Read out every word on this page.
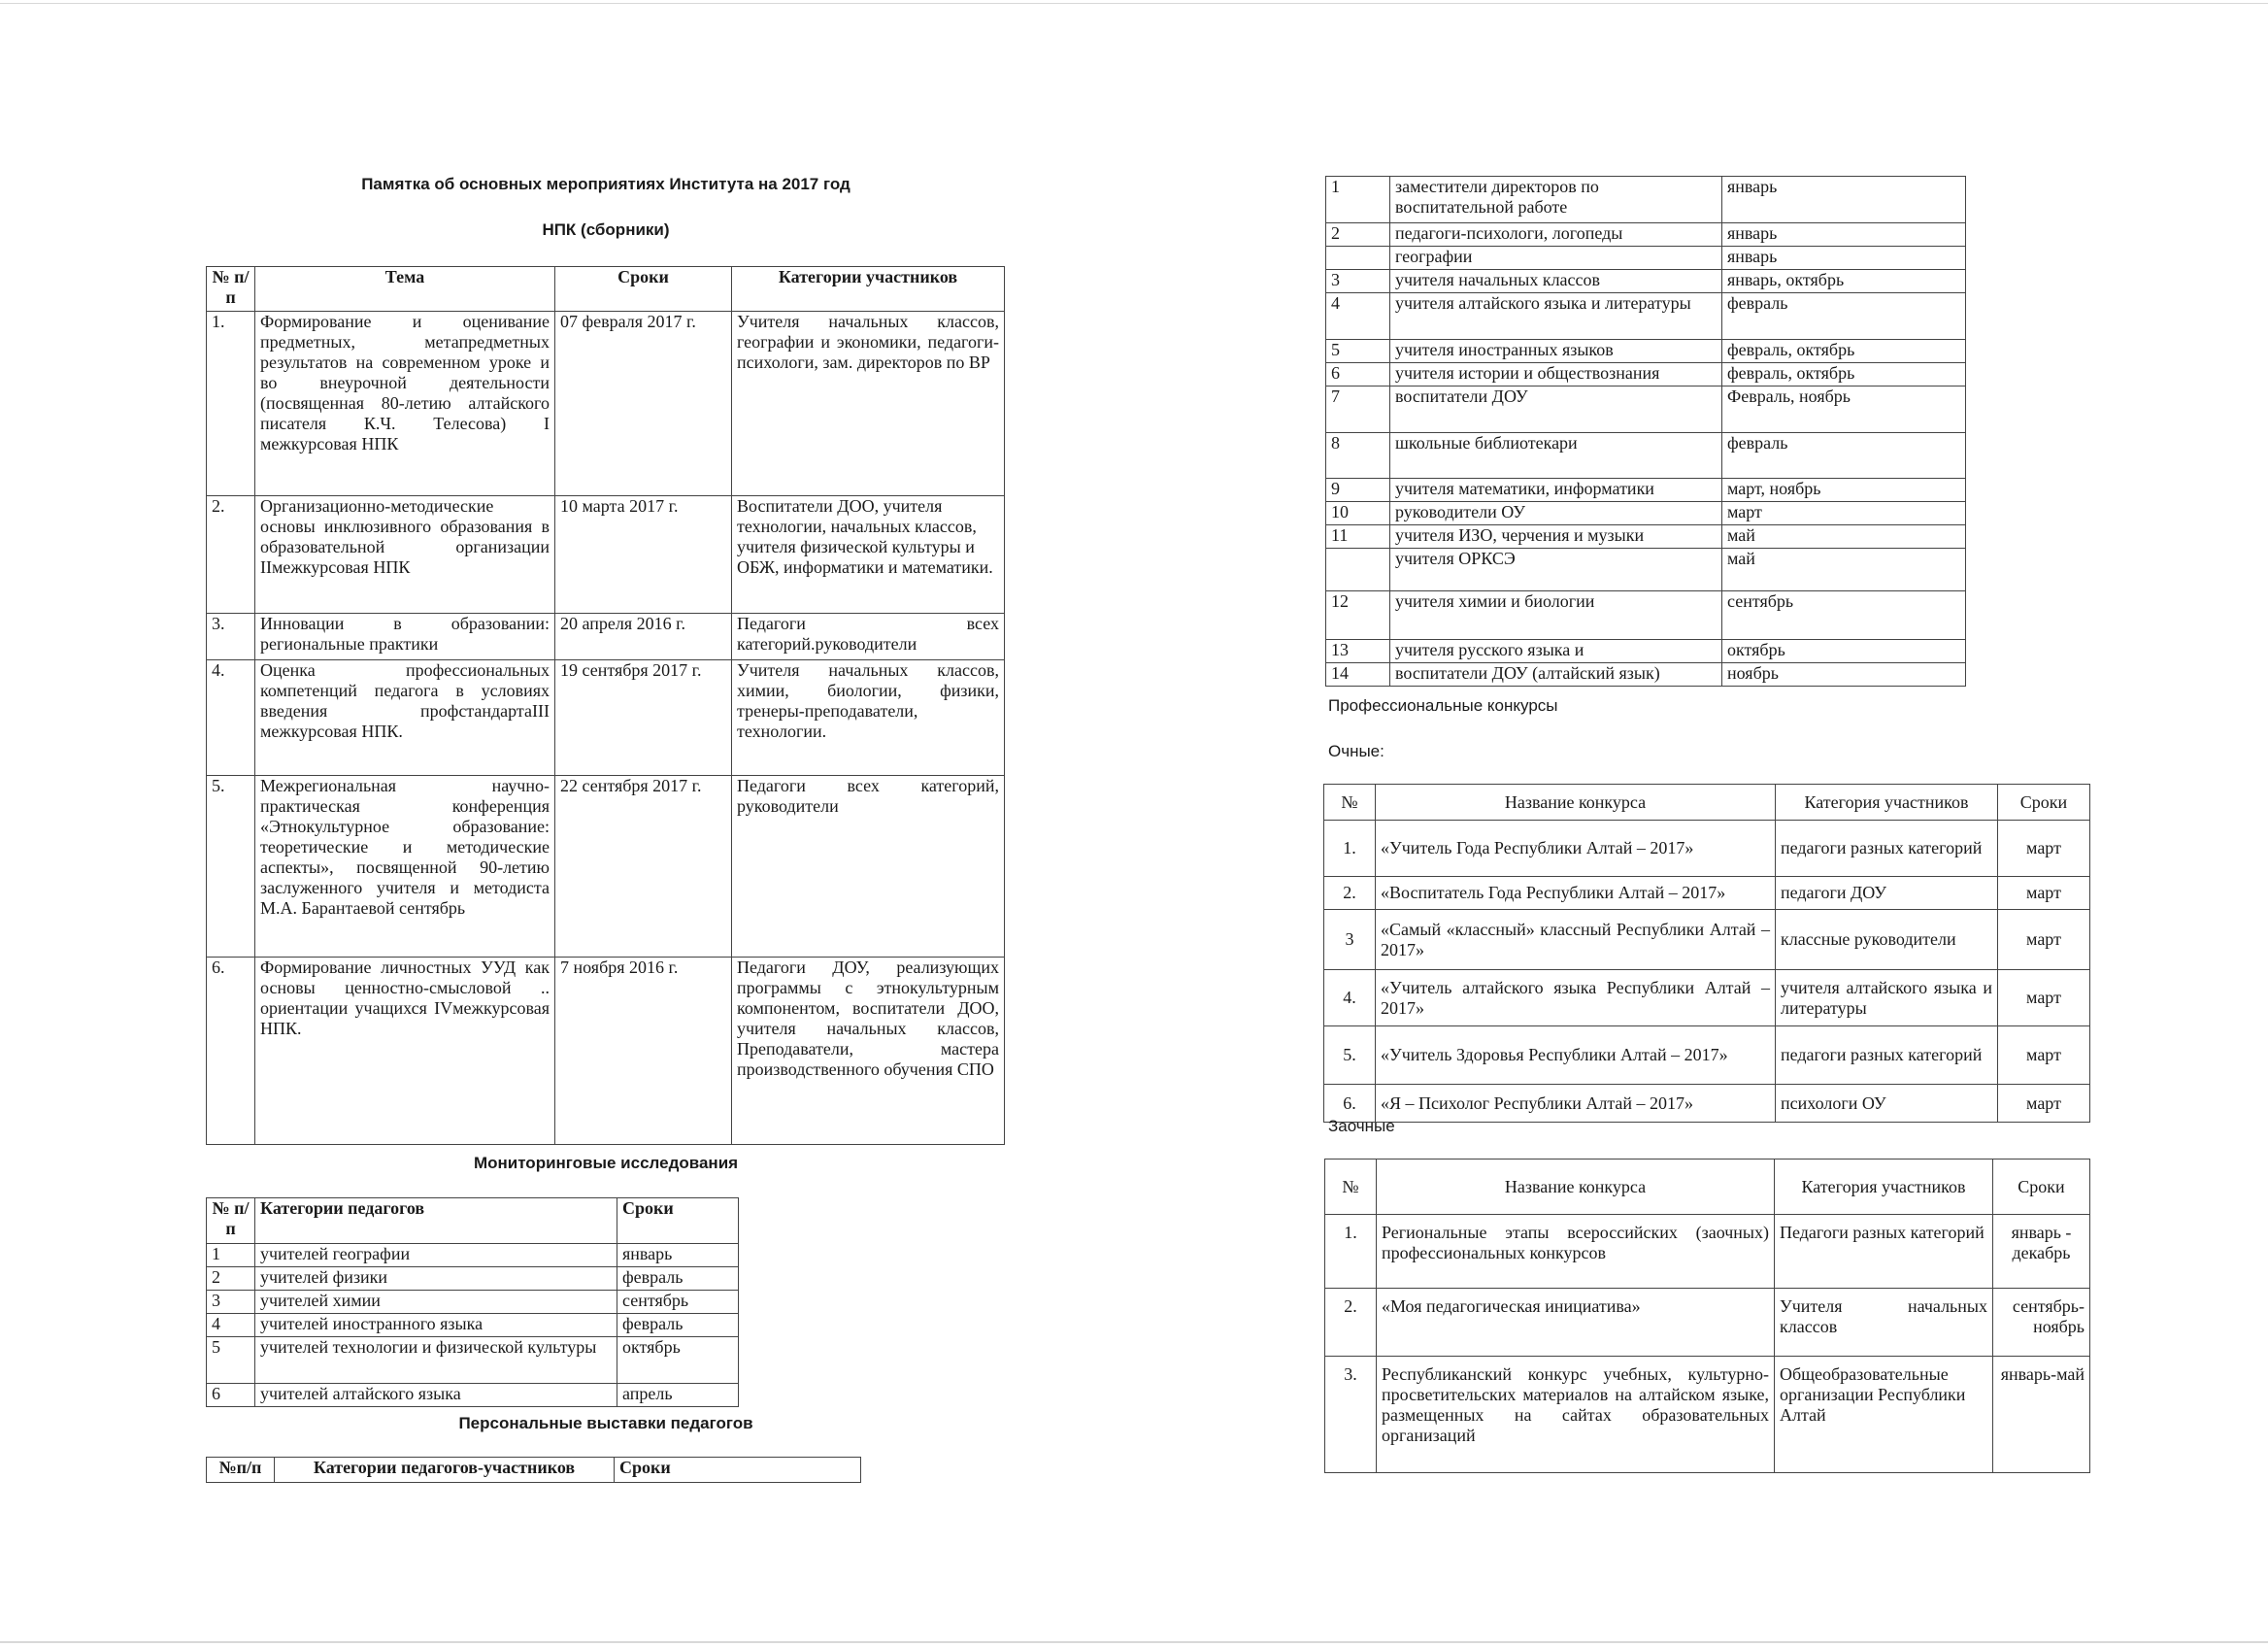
Памятка об основных мероприятиях Института на 2017 год
НПК (сборники)
№ п/п	Тема	Сроки	Категории участников
1.	Формирование и оценивание предметных, метапредметных результатов на современном уроке и во внеурочной деятельности (посвященная 80-летию алтайского писателя К.Ч. Телесова) I межкурсовая НПК	07 февраля 2017 г.	Учителя начальных классов, географии и экономики, педагоги-психологи, зам. директоров по ВР
2.	Организационно-методические основы инклюзивного образования в образовательной организации IIмежкурсовая НПК	10 марта 2017 г.	Воспитатели ДОО, учителя технологии, начальных классов, учителя физической культуры и ОБЖ, информатики и математики.
3.	Инновации в образовании: региональные практики	20 апреля 2016 г.	Педагоги всех категорий.руководители
4.	Оценка профессиональных компетенций педагога в условиях введения профстандартаIII межкурсовая НПК.	19 сентября 2017 г.	Учителя начальных классов, химии, биологии, физики, тренеры-преподаватели, технологии.
5.	Межрегиональная научно-практическая конференция «Этнокультурное образование: теоретические и методические аспекты», посвященной 90-летию заслуженного учителя и методиста М.А. Барантаевой сентябрь	22 сентября 2017 г.	Педагоги всех категорий, руководители
6.	Формирование личностных УУД как основы ценностно-смысловой .. ориентации учащихся IVмежкурсовая НПК.	7 ноября 2016 г.	Педагоги ДОУ, реализующих программы с этнокультурным компонентом, воспитатели ДОО, учителя начальных классов, Преподаватели, мастера производственного обучения СПО
Мониторинговые исследования
№ п/п	Категории педагогов	Сроки
1	учителей географии	январь
2	учителей физики	февраль
3	учителей химии	сентябрь
4	учителей иностранного языка	февраль
5	учителей технологии и физической культуры	октябрь
6	учителей алтайского языка	апрель
Персональные выставки педагогов
№п/п	Категории педагогов-участников	Сроки
1	заместители директоров по воспитательной работе	январь
2	педагоги-психологи, логопеды	январь
	географии	январь
3	учителя начальных классов	январь, октябрь
4	учителя алтайского языка и литературы	февраль
5	учителя иностранных языков	февраль, октябрь
6	учителя истории и обществознания	февраль, октябрь
7	воспитатели ДОУ	Февраль, ноябрь
8	школьные библиотекари	февраль
9	учителя математики, информатики	март, ноябрь
10	руководители ОУ	март
11	учителя ИЗО, черчения и музыки	май
	учителя ОРКСЭ	май
12	учителя химии и биологии	сентябрь
13	учителя русского языка и	октябрь
14	воспитатели ДОУ (алтайский язык)	ноябрь
Профессиональные конкурсы
Очные:
№	Название конкурса	Категория участников	Сроки
1.	«Учитель Года Республики Алтай – 2017»	педагоги разных категорий	март
2.	«Воспитатель Года Республики Алтай – 2017»	педагоги ДОУ	март
3	«Самый «классный» классный Республики Алтай – 2017»	классные руководители	март
4.	«Учитель алтайского языка Республики Алтай – 2017»	учителя алтайского языка и литературы	март
5.	«Учитель Здоровья Республики Алтай – 2017»	педагоги разных категорий	март
6.	«Я – Психолог Республики Алтай – 2017»	психологи ОУ	март
Заочные
№	Название конкурса	Категория участников	Сроки
1.	Региональные этапы всероссийских (заочных) профессиональных конкурсов	Педагоги разных категорий	январь - декабрь
2.	«Моя педагогическая инициатива»	Учителя начальных классов	сентябрь-ноябрь
3.	Республиканский конкурс учебных, культурно-просветительских материалов на алтайском языке, размещенных на сайтах образовательных организаций	Общеобразовательные организации Республики Алтай	январь-май
